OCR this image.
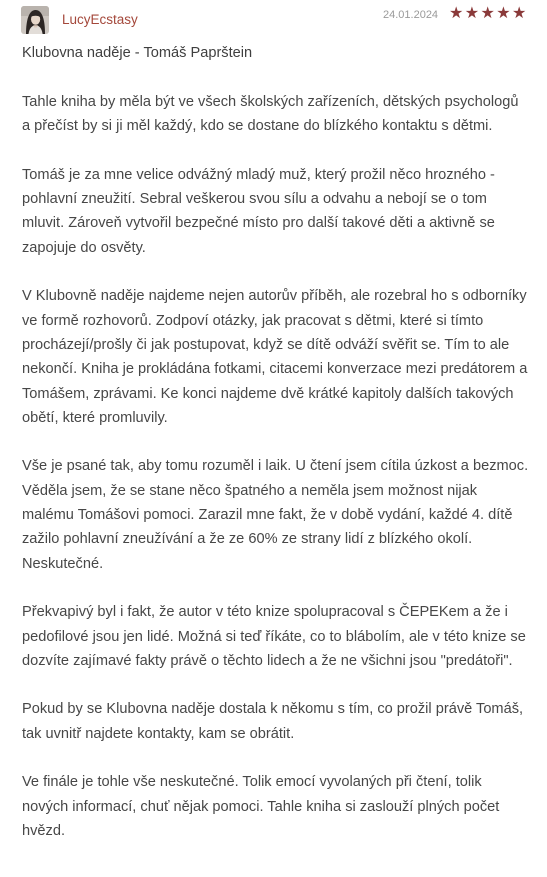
LucyEcstasy	24.01.2024 ★★★★★
Klubovna naděje - Tomáš Paprštein

Tahle kniha by měla být ve všech školských zařízeních, dětských psychologů a přečíst by si ji měl každý, kdo se dostane do blízkého kontaktu s dětmi.

Tomáš je za mne velice odvážný mladý muž, který prožil něco hrozného - pohlavní zneužití. Sebral veškerou svou sílu a odvahu a nebojí se o tom mluvit. Zároveň vytvořil bezpečné místo pro další takové děti a aktivně se zapojuje do osvěty.

V Klubovně naděje najdeme nejen autorův příběh, ale rozebral ho s odborníky ve formě rozhovorů. Zodpoví otázky, jak pracovat s dětmi, které si tímto procházejí/prošly či jak postupovat, když se dítě odváží svěřit se. Tím to ale nekončí. Kniha je prokládána fotkami, citacemi konverzace mezi predátorem a Tomášem, zprávami. Ke konci najdeme dvě krátké kapitoly dalších takových obětí, které promluvily.

Vše je psané tak, aby tomu rozuměl i laik. U čtení jsem cítila úzkost a bezmoc. Věděla jsem, že se stane něco špatného a neměla jsem možnost nijak malému Tomášovi pomoci. Zarazil mne fakt, že v době vydání, každé 4. dítě zažilo pohlavní zneužívání a že ze 60% ze strany lidí z blízkého okolí. Neskutečné.

Překvapivý byl i fakt, že autor v této knize spolupracoval s ČEPEKem a že i pedofilové jsou jen lidé. Možná si teď říkáte, co to blábolím, ale v této knize se dozvíte zajímavé fakty právě o těchto lidech a že ne všichni jsou "predátoři".

Pokud by se Klubovna naděje dostala k někomu s tím, co prožil právě Tomáš, tak uvnitř najdete kontakty, kam se obrátit.

Ve finále je tohle vše neskutečné. Tolik emocí vyvolaných při čtení, tolik nových informací, chuť nějak pomoci. Tahle kniha si zaslouží plných počet hvězd.
